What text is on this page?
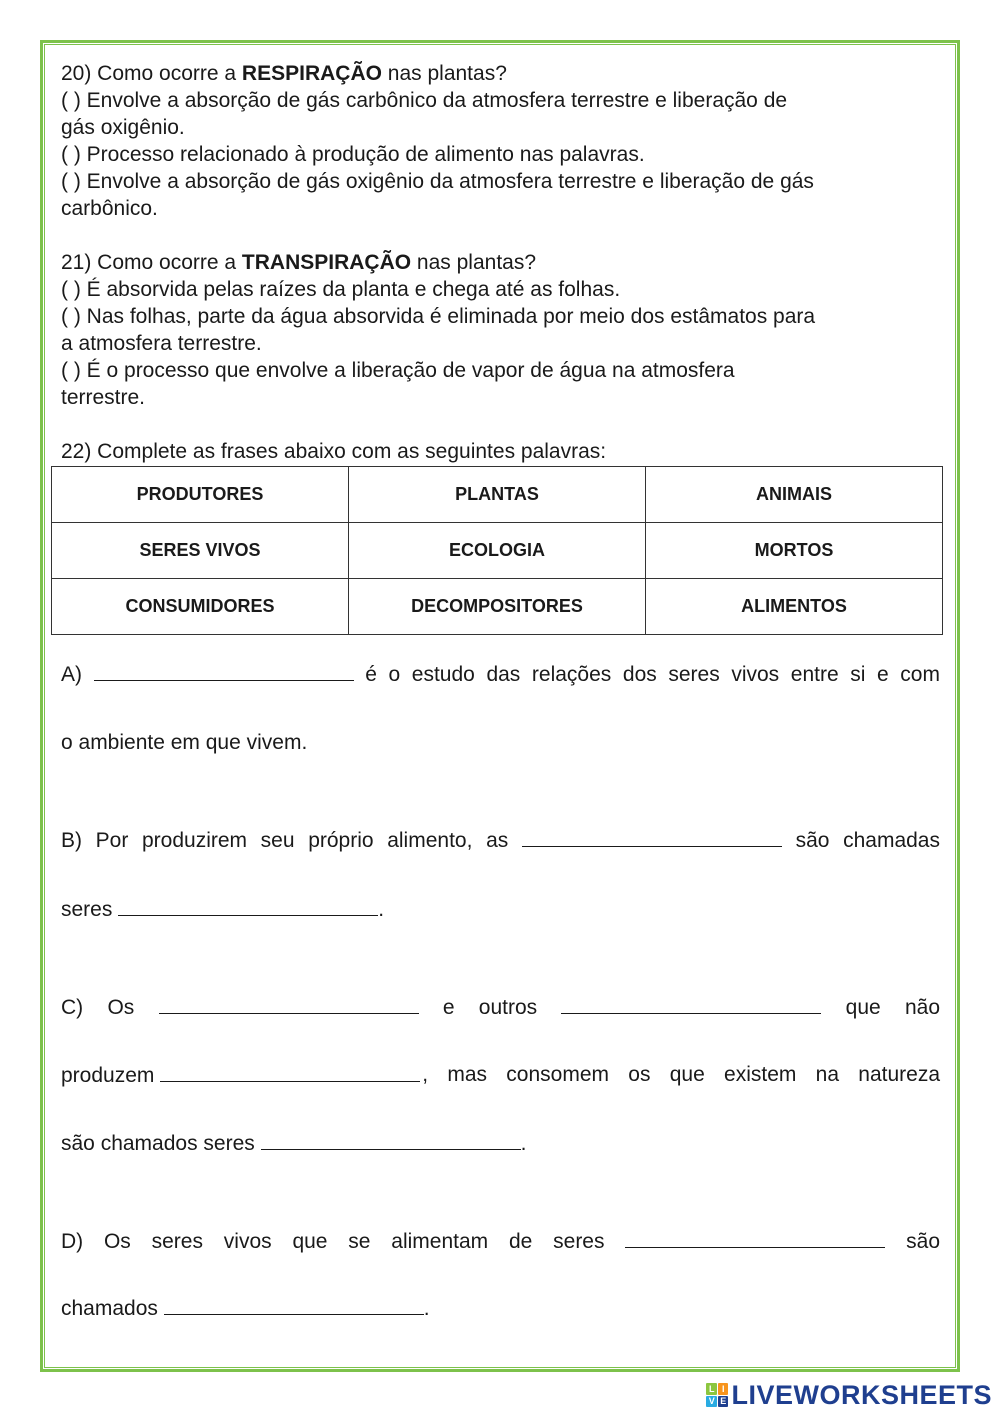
20) Como ocorre a RESPIRAÇÃO nas plantas?

( ) Envolve a absorção de gás carbônico da atmosfera terrestre e liberação de

gás oxigênio.

( ) Processo relacionado à produção de alimento nas palavras.

( ) Envolve a absorção de gás oxigênio da atmosfera terrestre e liberação de gás

carbônico.

21) Como ocorre a TRANSPIRAÇÃO nas plantas?

( ) É absorvida pelas raízes da planta e chega até as folhas.

( ) Nas folhas, parte da água absorvida é eliminada por meio dos estâmatos para

a atmosfera terrestre.

( ) É o processo que envolve a liberação de vapor de água na atmosfera

terrestre.

22) Complete as frases abaixo com as seguintes palavras:

PRODUTORES	PLANTAS	ANIMAIS
SERES VIVOS	ECOLOGIA	MORTOS
CONSUMIDORES	DECOMPOSITORES	ALIMENTOS
A)	é o estudo das relações dos seres vivos entre si e com
o ambiente em que vivem.
B) Por produzirem seu próprio alimento, as	são chamadas
seres	.
C) Os	e outros	que não
produzem	, mas consomem os que existem na natureza
são chamados seres	.
D) Os seres vivos que se alimentam de seres	são
chamados	.
L I
V E LIVEWORKSHEETS
